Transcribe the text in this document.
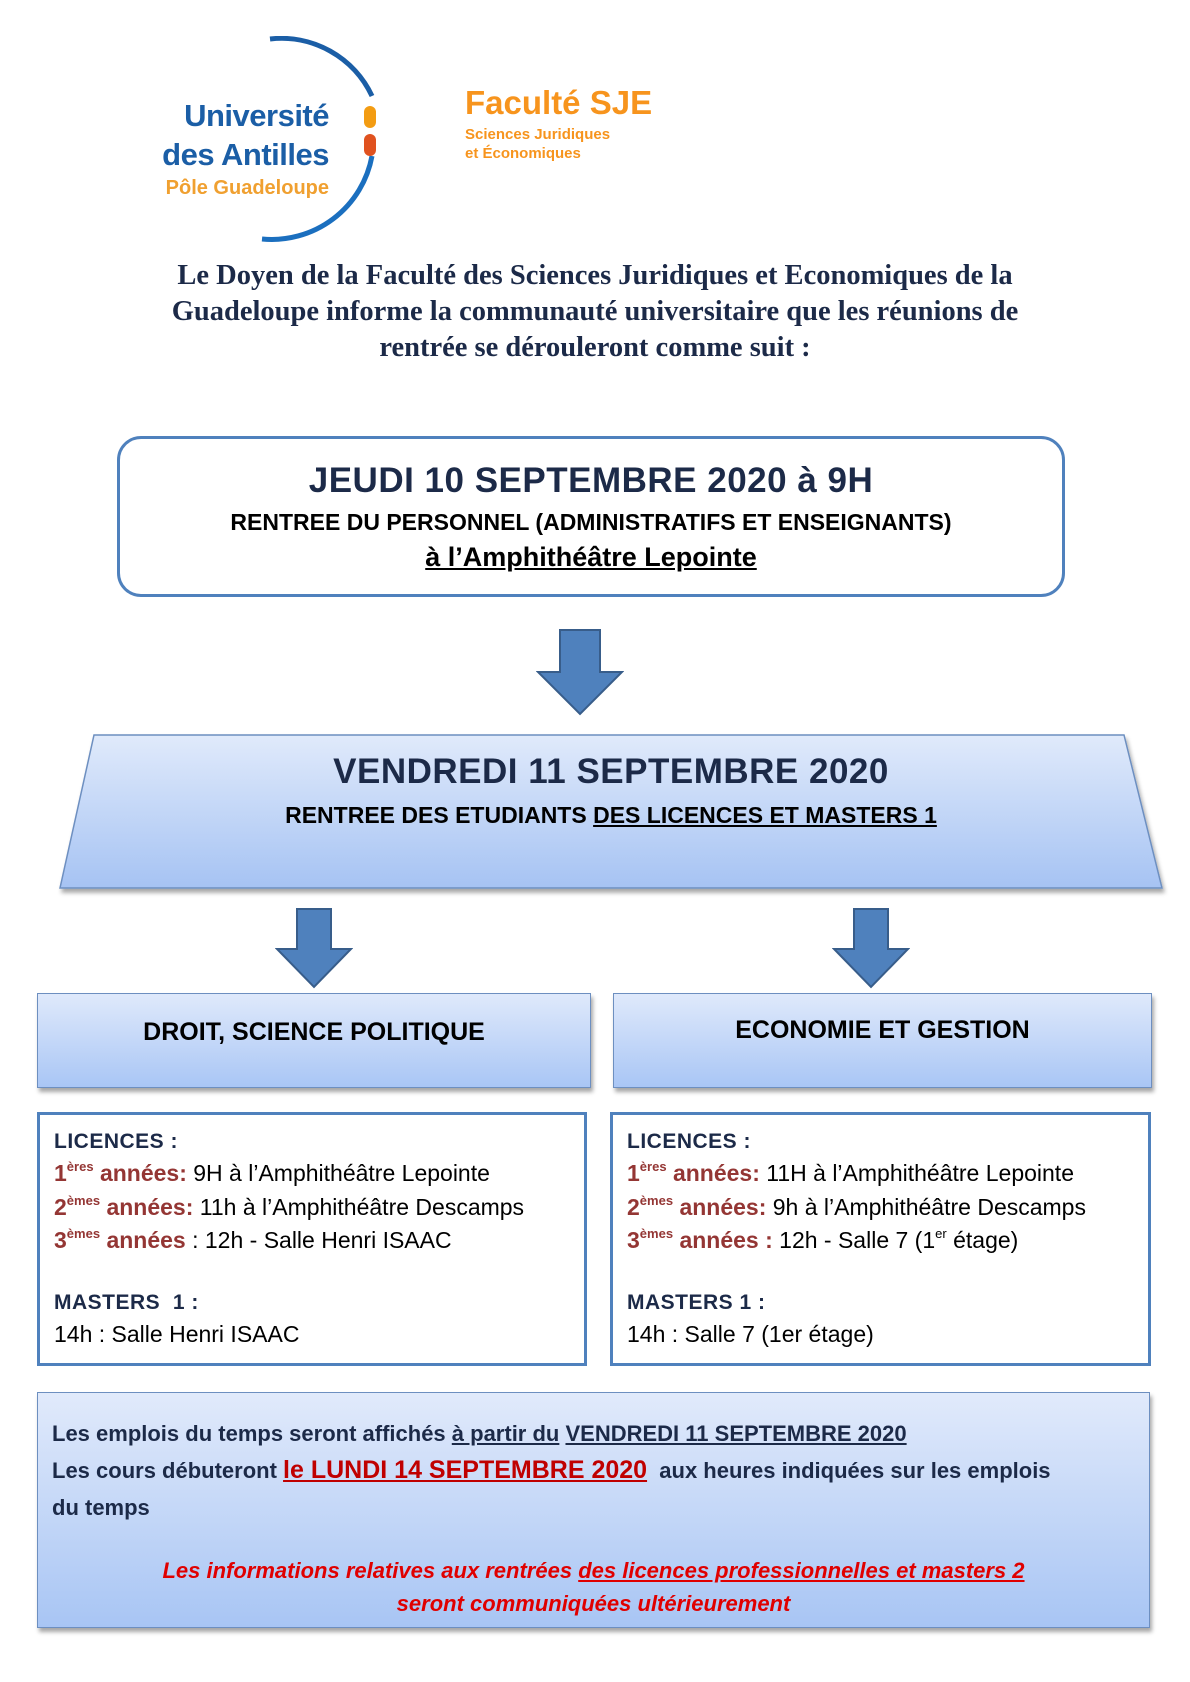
Université
des Antilles
Pôle Guadeloupe
Faculté SJE
Sciences Juridiques
et Économiques
Le Doyen de la Faculté des Sciences Juridiques et Economiques de la
Guadeloupe informe la communauté universitaire que les réunions de
rentrée se dérouleront comme suit :
JEUDI 10 SEPTEMBRE 2020 à 9H
RENTREE DU PERSONNEL (ADMINISTRATIFS ET ENSEIGNANTS)
à l’Amphithéâtre Lepointe
VENDREDI 11 SEPTEMBRE 2020
RENTREE DES ETUDIANTS DES LICENCES ET MASTERS 1
DROIT, SCIENCE POLITIQUE	ECONOMIE ET GESTION
LICENCES :
1ères années: 9H à l’Amphithéâtre Lepointe
2èmes années: 11h à l’Amphithéâtre Descamps
3èmes années : 12h - Salle Henri ISAAC
MASTERS  1 :
14h : Salle Henri ISAAC
LICENCES :
1ères années: 11H à l’Amphithéâtre Lepointe
2èmes années: 9h à l’Amphithéâtre Descamps
3èmes années : 12h - Salle 7 (1er étage)
MASTERS 1 :
14h : Salle 7 (1er étage)
Les emplois du temps seront affichés à partir du VENDREDI 11 SEPTEMBRE 2020
Les cours débuteront le LUNDI 14 SEPTEMBRE 2020  aux heures indiquées sur les emplois
du temps
Les informations relatives aux rentrées des licences professionnelles et masters 2
seront communiquées ultérieurement
